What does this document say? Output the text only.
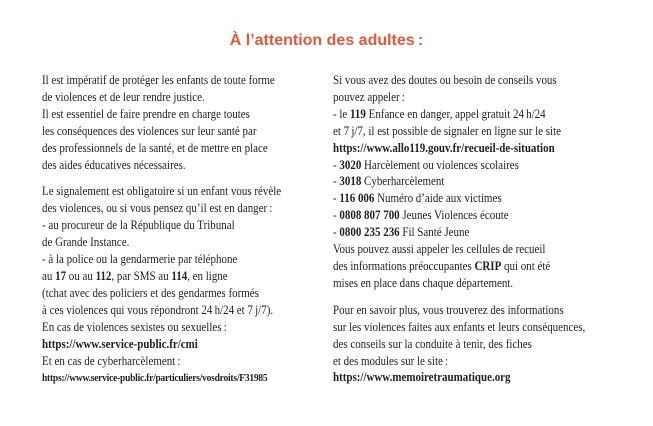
À l’attention des adultes :
Il est impératif de protéger les enfants de toute forme
de violences et de leur rendre justice.
Il est essentiel de faire prendre en charge toutes
les conséquences des violences sur leur santé par
des professionnels de la santé, et de mettre en place
des aides éducatives nécessaires.
Le signalement est obligatoire si un enfant vous révèle
des violences, ou si vous pensez qu’il est en danger :
- au procureur de la République du Tribunal
de Grande Instance.
- à la police ou la gendarmerie par téléphone
au 17 ou au 112, par SMS au 114, en ligne
(tchat avec des policiers et des gendarmes formés
à ces violences qui vous répondront 24 h/24 et 7 j/7).
En cas de violences sexistes ou sexuelles :
https://www.service-public.fr/cmi
Et en cas de cyberharcèlement :
https://www.service-public.fr/particuliers/vosdroits/F31985
Si vous avez des doutes ou besoin de conseils vous
pouvez appeler :
- le 119 Enfance en danger, appel gratuit 24 h/24
et 7 j/7, il est possible de signaler en ligne sur le site
https://www.allo119.gouv.fr/recueil-de-situation
- 3020 Harcèlement ou violences scolaires
- 3018 Cyberharcèlement
- 116 006 Numéro d’aide aux victimes
- 0808 807 700 Jeunes Violences écoute
- 0800 235 236 Fil Santé Jeune
Vous pouvez aussi appeler les cellules de recueil
des informations préoccupantes CRIP qui ont été
mises en place dans chaque département.
Pour en savoir plus, vous trouverez des informations
sur les violences faites aux enfants et leurs conséquences,
des conseils sur la conduite à tenir, des fiches
et des modules sur le site :
https://www.memoiretraumatique.org
